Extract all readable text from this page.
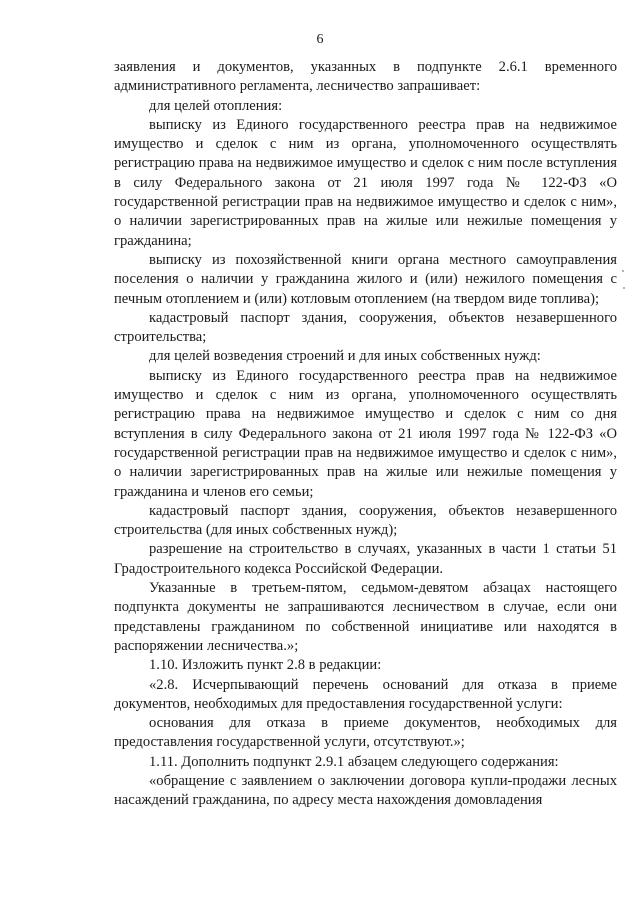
6

заявления и документов, указанных в подпункте 2.6.1 временного административного регламента, лесничество запрашивает:

для целей отопления:

выписку из Единого государственного реестра прав на недвижимое имущество и сделок с ним из органа, уполномоченного осуществлять регистрацию права на недвижимое имущество и сделок с ним после вступления в силу Федерального закона от 21 июля 1997 года № 122-ФЗ «О государственной регистрации прав на недвижимое имущество и сделок с ним», о наличии зарегистрированных прав на жилые или нежилые помещения у гражданина;

выписку из похозяйственной книги органа местного самоуправления поселения о наличии у гражданина жилого и (или) нежилого помещения с печным отоплением и (или) котловым отоплением (на твердом виде топлива);

кадастровый паспорт здания, сооружения, объектов незавершенного строительства;

для целей возведения строений и для иных собственных нужд:

выписку из Единого государственного реестра прав на недвижимое имущество и сделок с ним из органа, уполномоченного осуществлять регистрацию права на недвижимое имущество и сделок с ним со дня вступления в силу Федерального закона от 21 июля 1997 года № 122-ФЗ «О государственной регистрации прав на недвижимое имущество и сделок с ним», о наличии зарегистрированных прав на жилые или нежилые помещения у гражданина и членов его семьи;

кадастровый паспорт здания, сооружения, объектов незавершенного строительства (для иных собственных нужд);

разрешение на строительство в случаях, указанных в части 1 статьи 51 Градостроительного кодекса Российской Федерации.

Указанные в третьем-пятом, седьмом-девятом абзацах настоящего подпункта документы не запрашиваются лесничеством в случае, если они представлены гражданином по собственной инициативе или находятся в распоряжении лесничества.»;

1.10. Изложить пункт 2.8 в редакции:

«2.8. Исчерпывающий перечень оснований для отказа в приеме документов, необходимых для предоставления государственной услуги:

основания для отказа в приеме документов, необходимых для предоставления государственной услуги, отсутствуют.»;

1.11. Дополнить подпункт 2.9.1 абзацем следующего содержания:

«обращение с заявлением о заключении договора купли-продажи лесных насаждений гражданина, по адресу места нахождения домовладения
